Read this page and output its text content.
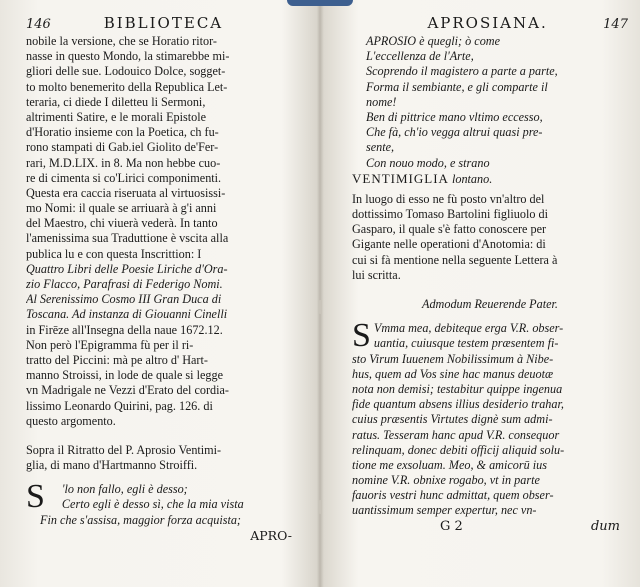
146	BIBLIOTECA
nobile la versione, che se Horatio ritor-
nasse in questo Mondo, la stimarebbe mi-
gliori delle sue. Lodouico Dolce, sogget-
to molto benemerito della Republica Let-
teraria, ci diede I diletteu li Sermoni,
altrimenti Satire, e le morali Epistole
d'Horatio insieme con la Poetica, ch fu-
rono stampati di Gab.iel Giolito de'Fer-
rari, M.D.LIX. in 8. Ma non hebbe cuo-
re di cimenta si co'Lirici componimenti.
Questa era caccia riseruata al virtuosissi-
mo Nomi: il quale se arriuarà à g'i anni
del Maestro, chi viuerà vederà. In tanto
l'amenissima sua Traduttione è vscita alla
publica lu e con questa Inscrittion: I
Quattro Libri delle Poesie Liriche d'Ora-
zio Flacco, Parafrasi di Federigo Nomi.
Al Serenissimo Cosmo III Gran Duca di
Toscana. Ad instanza di Giouanni Cinelli
in Firēze all'Insegna della naue 1672.12.
Non però l'Epigramma fù per il ri-
tratto del Piccini: mà pe altro d' Hart-
manno Stroissi, in lode de quale si legge
vn Madrigale ne Vezzi d'Erato del cordia-
lissimo Leonardo Quirini, pag. 126. di
questo argomento.
Sopra il Ritratto del P. Aprosio Ventimi-
glia, di mano d'Hartmanno Stroiffi.
S	'lo non fallo, egli è desso;
Certo egli è desso sì, che la mia vista
Fin che s'assisa, maggior forza acquista;
APRO-
APROSIANA.	147
APROSIO è quegli; ò come
L'eccellenza de l'Arte,
Scoprendo il magistero a parte a parte,
Forma il sembiante, e gli comparte il
nome!
Ben di pittrice mano vltimo eccesso,
Che fà, ch'io vegga altrui quasi pre-
sente,
Con nouo modo, e strano
VENTIMIGLIA lontano.
In luogo di esso ne fù posto vn'altro del
dottissimo Tomaso Bartolini figliuolo di
Gasparo, il quale s'è fatto conoscere per
Gigante nelle operationi d'Anotomia: di
cui si fà mentione nella seguente Lettera à
lui scritta.
Admodum Reuerende Pater.
S Vmma mea, debiteque erga V.R. obser-
uantia, cuiusque testem præsentem fi-
sto Virum Iuuenem Nobilissimum à Nibe-
hus, quem ad Vos sine hac manus deuotæ
nota non demisi; testabitur quippe ingenua
fide quantum absens illius desiderio trahar,
cuius præsentis Virtutes dignè sum admi-
ratus. Tesseram hanc apud V.R. consequor
relinquam, donec debiti officij aliquid solu-
tione me exsoluam. Meo, & amicorū ius
nomine V.R. obnixe rogabo, vt in parte
fauoris vestri hunc admittat, quem obser-
uantissimum semper expertur, nec vn-
G 2	dum
